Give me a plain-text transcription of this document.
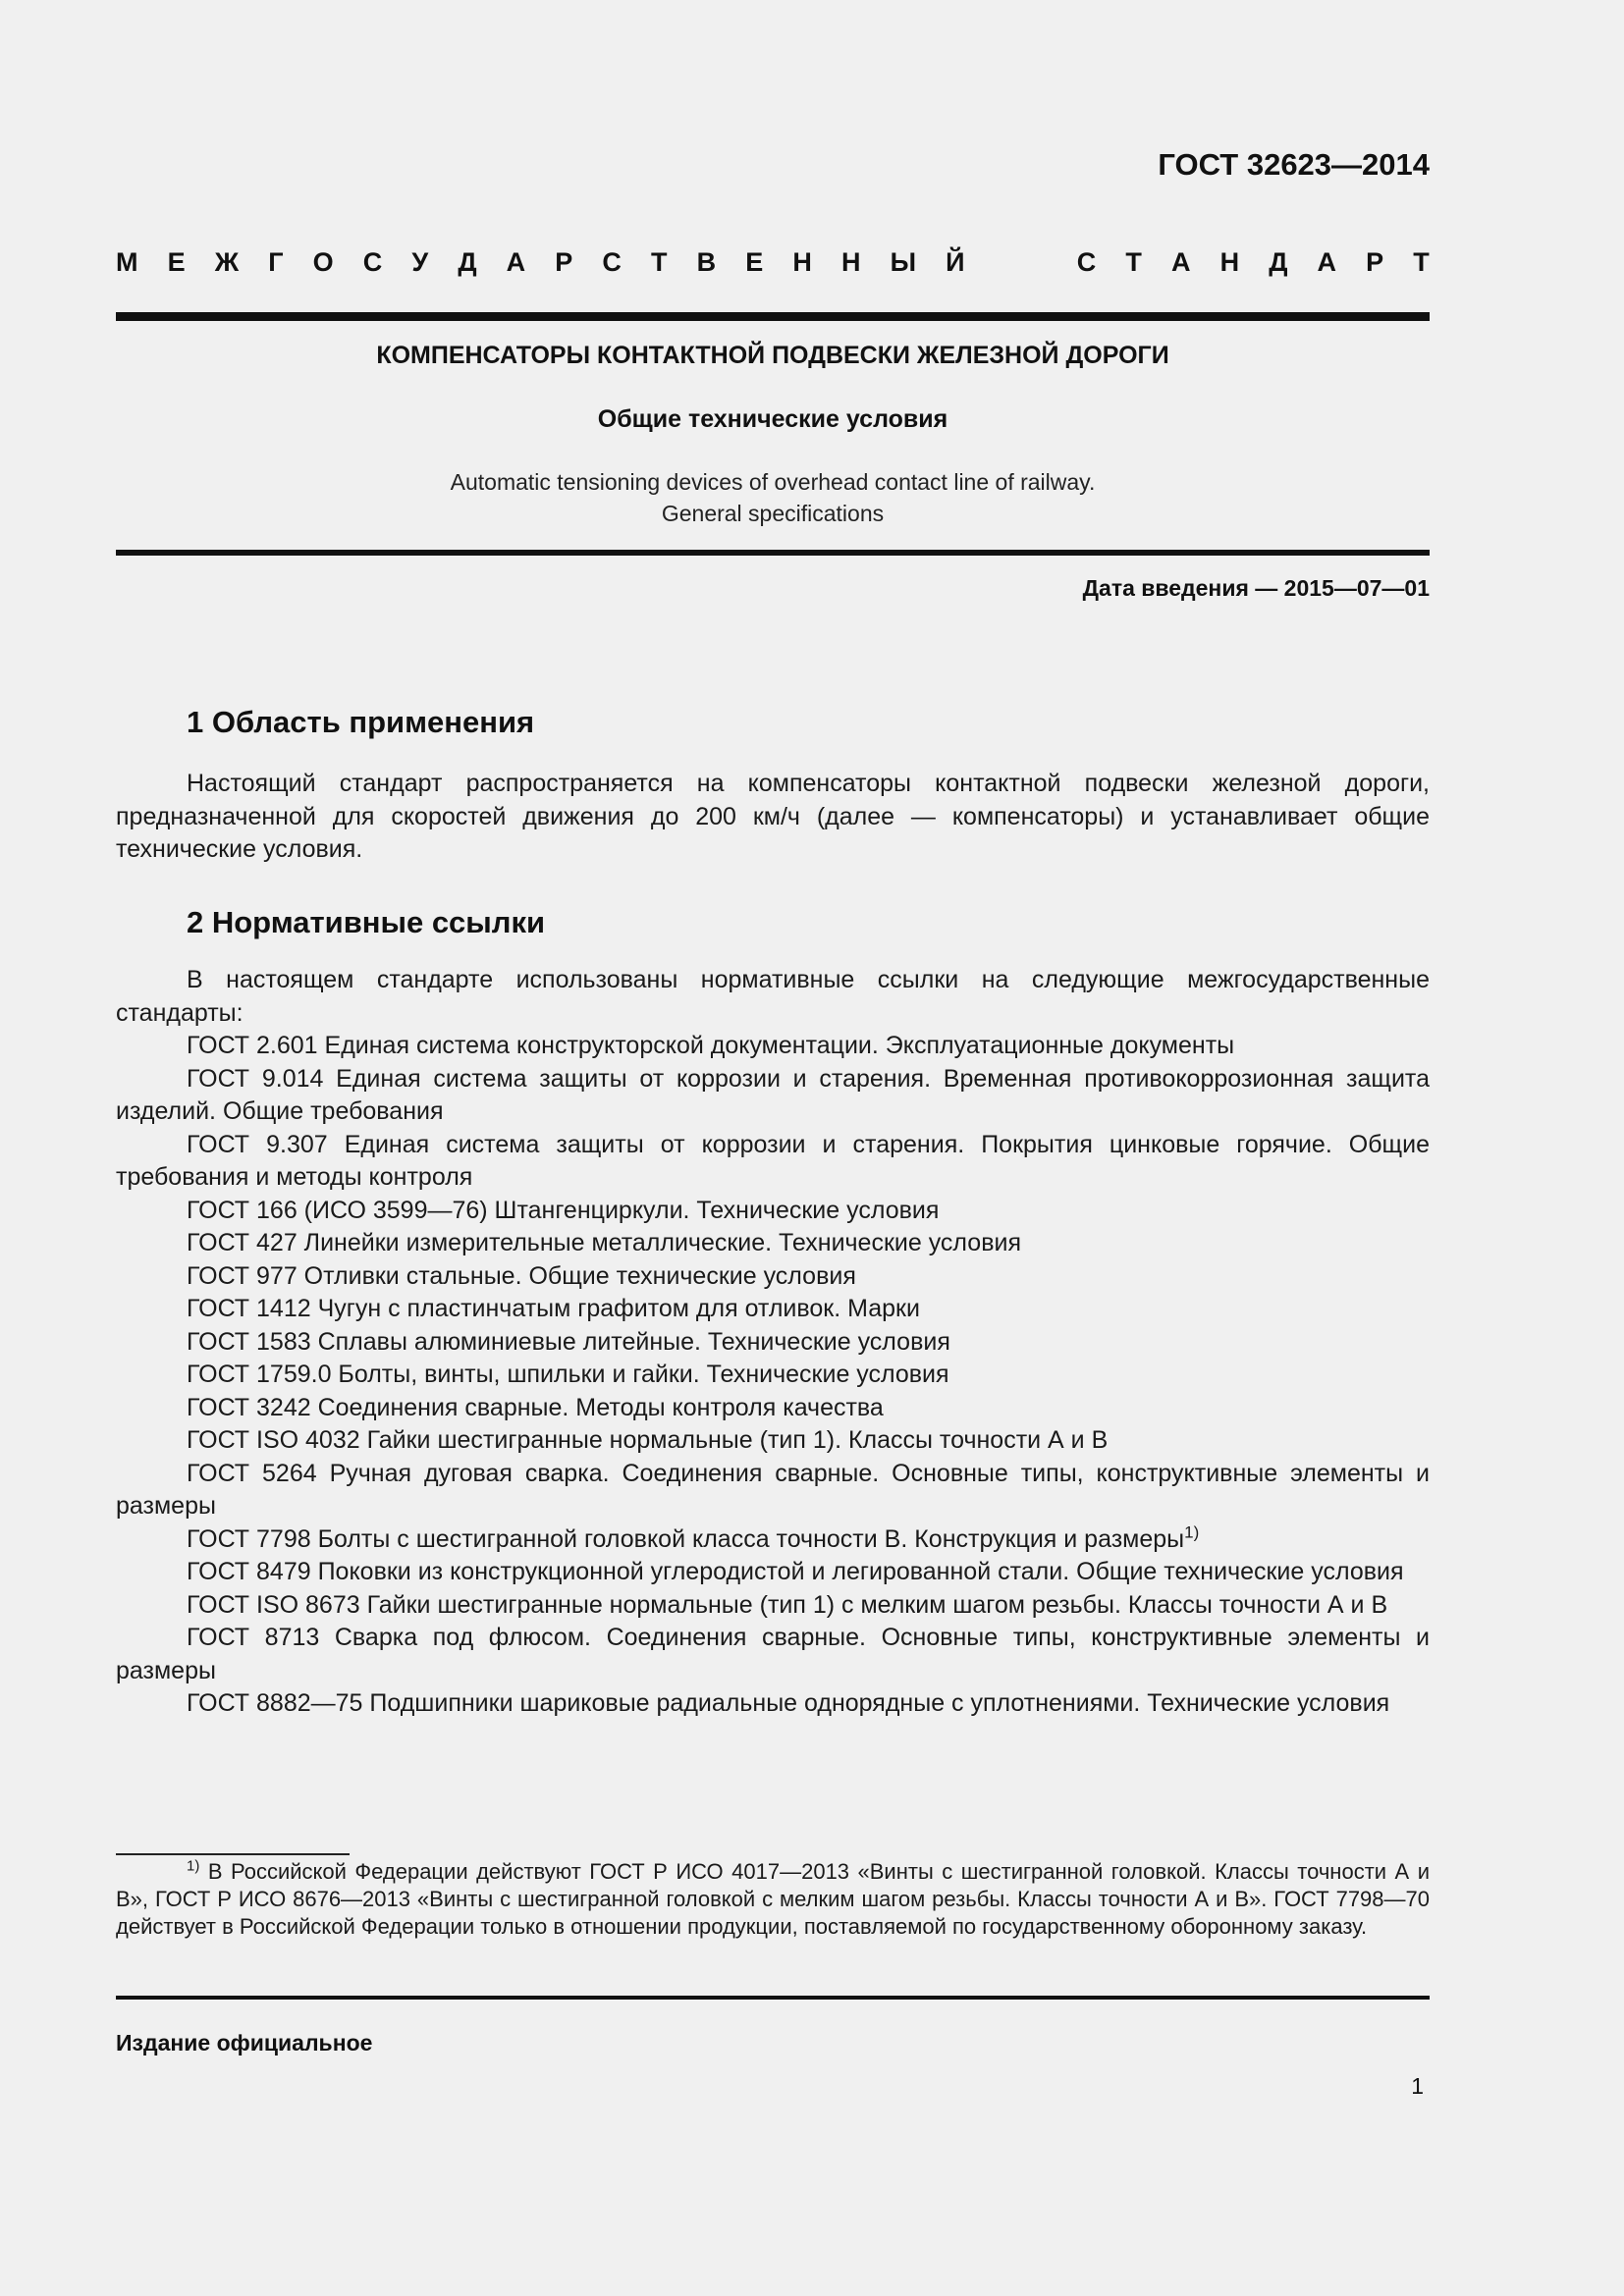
ГОСТ 32623—2014
М Е Ж Г О С У Д А Р С Т В Е Н Н Ы Й	С Т А Н Д А Р Т
КОМПЕНСАТОРЫ КОНТАКТНОЙ ПОДВЕСКИ ЖЕЛЕЗНОЙ ДОРОГИ
Общие технические условия
Automatic tensioning devices of overhead contact line of railway.
General specifications
Дата введения — 2015—07—01
1 Область применения

Настоящий стандарт распространяется на компенсаторы контактной подвески железной дороги, предназначенной для скоростей движения до 200 км/ч (далее — компенсаторы) и устанавливает общие технические условия.

2 Нормативные ссылки

В настоящем стандарте использованы нормативные ссылки на следующие межгосударственные стандарты:

ГОСТ 2.601 Единая система конструкторской документации. Эксплуатационные документы

ГОСТ 9.014 Единая система защиты от коррозии и старения. Временная противокоррозионная защита изделий. Общие требования

ГОСТ 9.307 Единая система защиты от коррозии и старения. Покрытия цинковые горячие. Общие требования и методы контроля

ГОСТ 166 (ИСО 3599—76) Штангенциркули. Технические условия

ГОСТ 427 Линейки измерительные металлические. Технические условия

ГОСТ 977 Отливки стальные. Общие технические условия

ГОСТ 1412 Чугун с пластинчатым графитом для отливок. Марки

ГОСТ 1583 Сплавы алюминиевые литейные. Технические условия

ГОСТ 1759.0 Болты, винты, шпильки и гайки. Технические условия

ГОСТ 3242 Соединения сварные. Методы контроля качества

ГОСТ ISO 4032 Гайки шестигранные нормальные (тип 1). Классы точности А и В

ГОСТ 5264 Ручная дуговая сварка. Соединения сварные. Основные типы, конструктивные элементы и размеры

ГОСТ 7798 Болты с шестигранной головкой класса точности В. Конструкция и размеры$^{1)}$

ГОСТ 8479 Поковки из конструкционной углеродистой и легированной стали. Общие технические условия

ГОСТ ISO 8673 Гайки шестигранные нормальные (тип 1) с мелким шагом резьбы. Классы точности А и В

ГОСТ 8713 Сварка под флюсом. Соединения сварные. Основные типы, конструктивные элементы и размеры

ГОСТ 8882—75 Подшипники шариковые радиальные однорядные с уплотнениями. Технические условия

$^{1)}$ В Российской Федерации действуют ГОСТ Р ИСО 4017—2013 «Винты с шестигранной головкой. Классы точности А и В», ГОСТ Р ИСО 8676—2013 «Винты с шестигранной головкой с мелким шагом резьбы. Классы точности А и В». ГОСТ 7798—70 действует в Российской Федерации только в отношении продукции, поставляемой по государственному оборонному заказу.
Издание официальное
1
